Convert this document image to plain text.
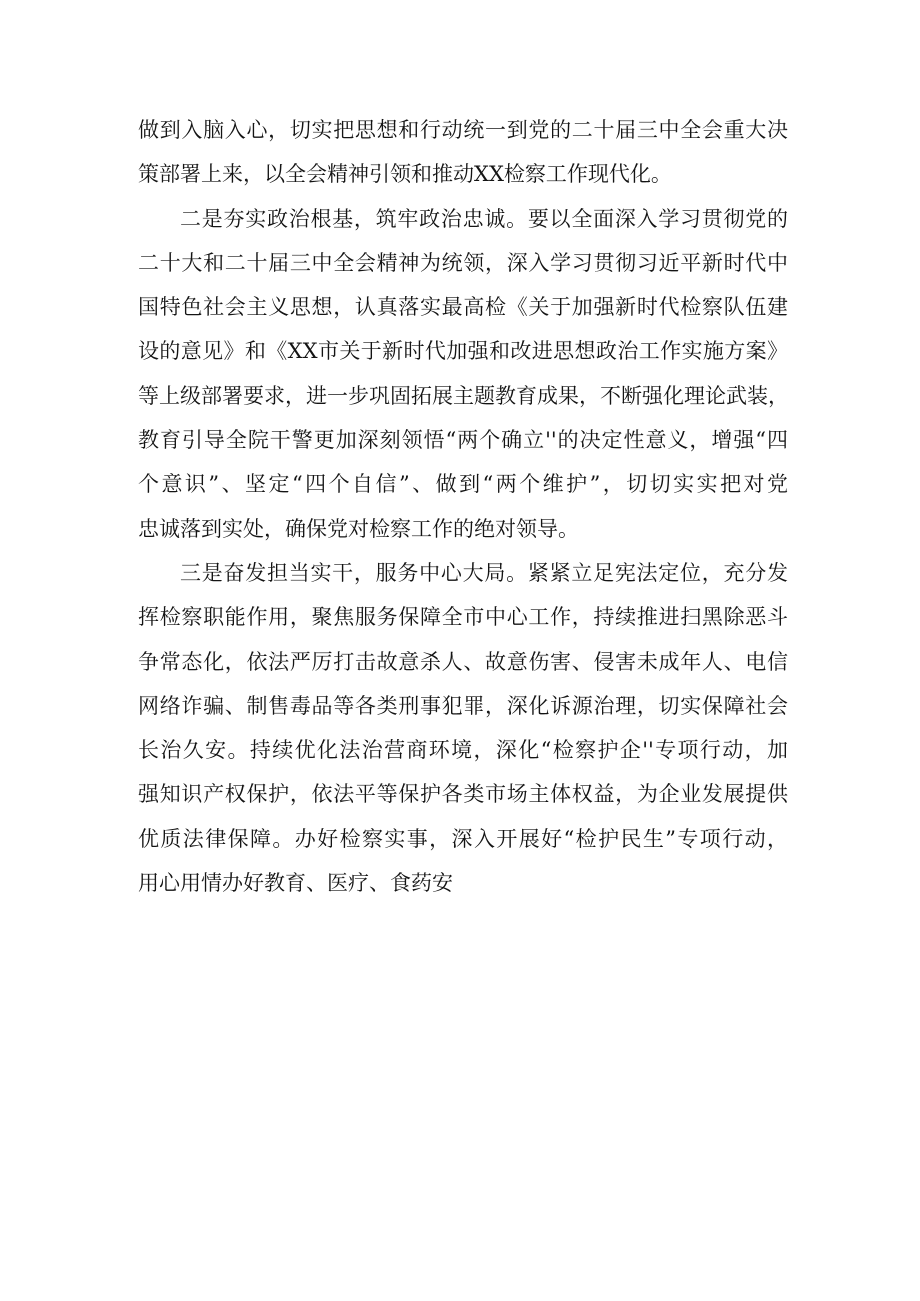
做到入脑入心，切实把思想和行动统一到党的二十届三中全会重大决
策部署上来，以全会精神引领和推动XX检察工作现代化。
二是夯实政治根基，筑牢政治忠诚。要以全面深入学习贯彻党的
二十大和二十届三中全会精神为统领，深入学习贯彻习近平新时代中
国特色社会主义思想，认真落实最高检《关于加强新时代检察队伍建
设的意见》和《XX市关于新时代加强和改进思想政治工作实施方案》
等上级部署要求，进一步巩固拓展主题教育成果，不断强化理论武装，
教育引导全院干警更加深刻领悟“两个确立''的决定性意义，增强“四
个意识”、坚定“四个自信”、做到“两个维护”，切切实实把对党
忠诚落到实处，确保党对检察工作的绝对领导。
三是奋发担当实干，服务中心大局。紧紧立足宪法定位，充分发
挥检察职能作用，聚焦服务保障全市中心工作，持续推进扫黑除恶斗
争常态化，依法严厉打击故意杀人、故意伤害、侵害未成年人、电信
网络诈骗、制售毒品等各类刑事犯罪，深化诉源治理，切实保障社会
长治久安。持续优化法治营商环境，深化“检察护企''专项行动，加
强知识产权保护，依法平等保护各类市场主体权益，为企业发展提供
优质法律保障。办好检察实事，深入开展好“检护民生”专项行动，
用心用情办好教育、医疗、食药安
